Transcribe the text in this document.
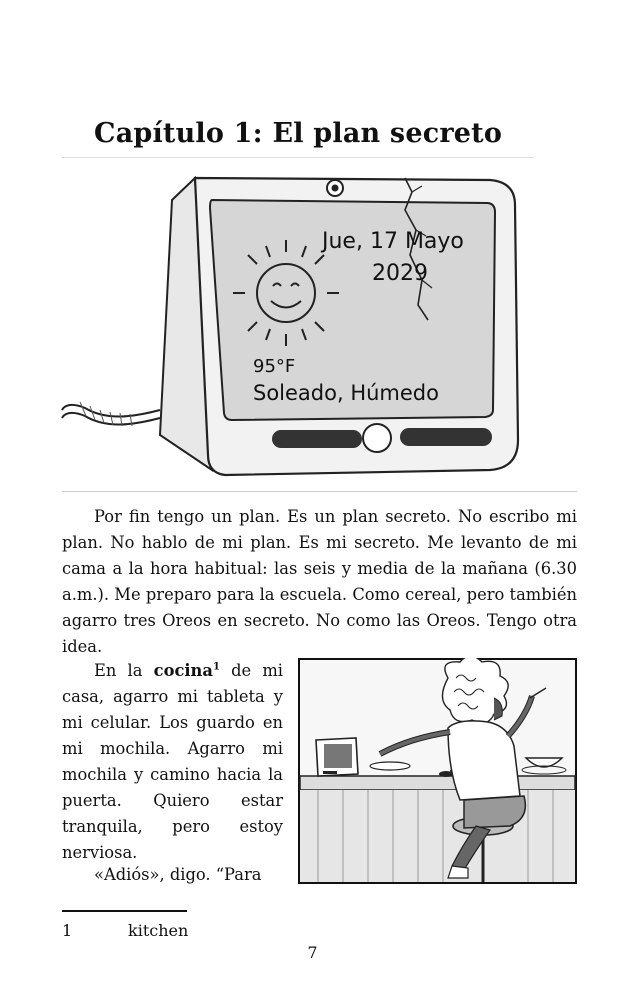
Capítulo 1: El plan secreto
Jue, 17 Mayo
2029
95°F
Soleado, Húmedo

Por fin tengo un plan. Es un plan secreto. No escribo mi plan. No hablo de mi plan. Es mi secreto. Me levanto de mi cama a la hora habitual: las seis y media de la mañana (6.30 a.m.). Me preparo para la escuela. Como cereal, pero también agarro tres Oreos en secreto. No como las Oreos. Tengo otra idea.

En la cocina$^1$ de mi casa, agarro mi tableta y mi celular. Los guardo en mi mochila. Agarro mi mochila y camino hacia la puerta. Quiero estar tranquila, pero estoy nerviosa.

«Adiós», digo. “Para

1	kitchen
7
